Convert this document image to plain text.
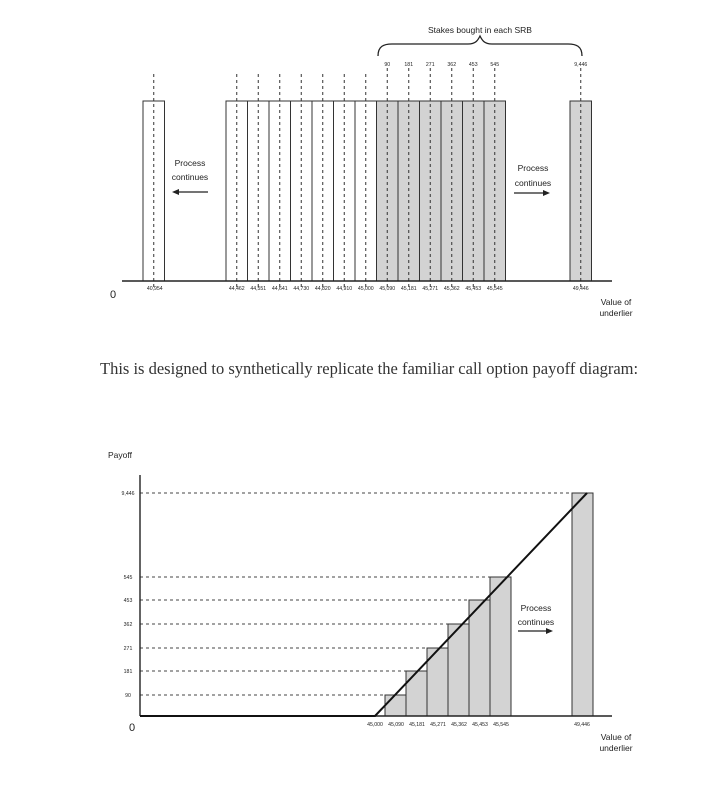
Stakes bought in each SRB
90	181 271 362 453 545	9,446
40,954	44,462 44,551 44,641 44,730 44,820 44,910 45,000 45,090 45,181 45,271 45,362 45,453 45,545	49,446
0
Value of
underlier
Process
continues
Process
continues

This is designed to synthetically replicate the familiar call option payoff diagram:

Payoff
90
181
271
362
453
545
9,446
45,000 45,090 45,181 45,271 45,362 45,453 45,545	49,446
0
Process
continues
Value of
underlier
